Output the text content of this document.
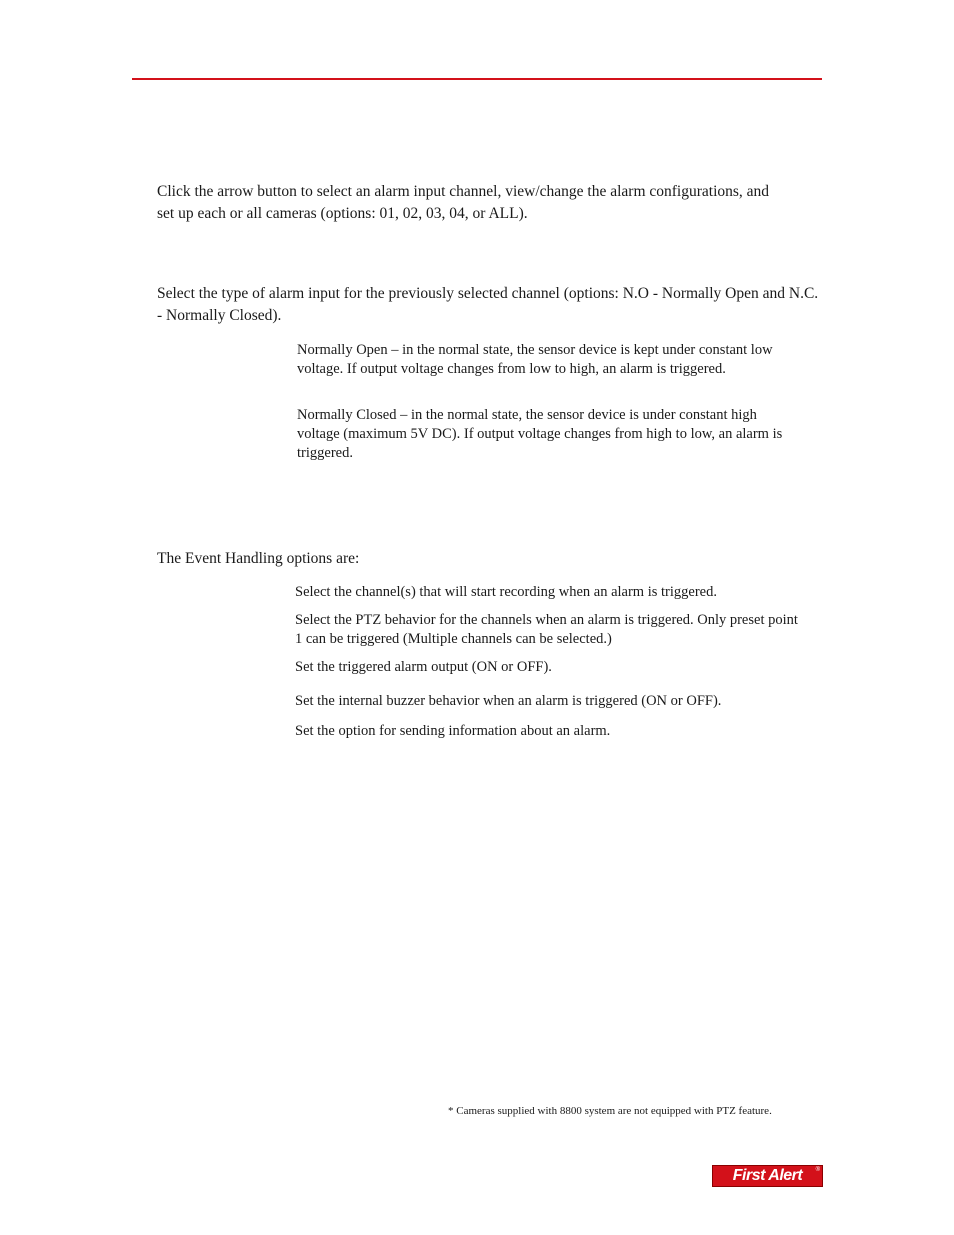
Click the arrow button to select an alarm input channel, view/change the alarm configurations, and set up each or all cameras (options: 01, 02, 03, 04, or ALL).

Select the type of alarm input for the previously selected channel (options: N.O - Normally Open and N.C. - Normally Closed).

Normally Open – in the normal state, the sensor device is kept under constant low voltage. If output voltage changes from low to high, an alarm is triggered.

Normally Closed – in the normal state, the sensor device is under constant high voltage (maximum 5V DC). If output voltage changes from high to low, an alarm is triggered.

The Event Handling options are:

Select the channel(s) that will start recording when an alarm is triggered.

Select the PTZ behavior for the channels when an alarm is triggered. Only preset point 1 can be triggered (Multiple channels can be selected.)

Set the triggered alarm output (ON or OFF).

Set the internal buzzer behavior when an alarm is triggered (ON or OFF).

Set the option for sending information about an alarm.

* Cameras supplied with 8800 system are not equipped with PTZ feature.

First Alert ®
